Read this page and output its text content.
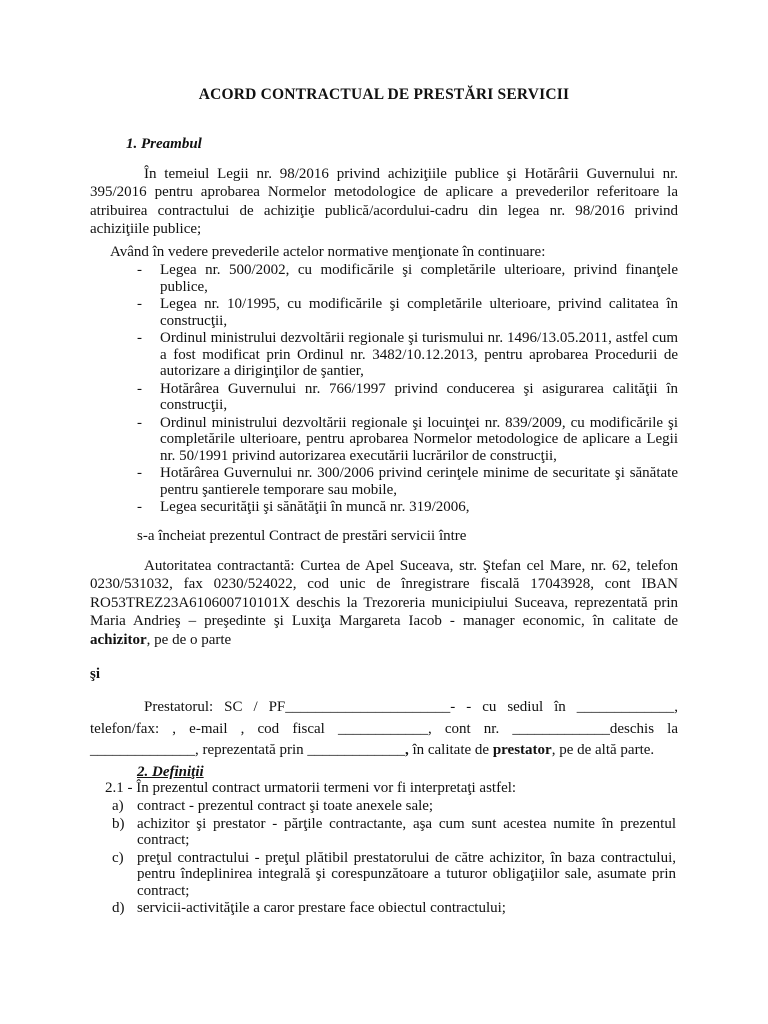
ACORD CONTRACTUAL DE PRESTĂRI SERVICII
1. Preambul
În temeiul Legii nr. 98/2016 privind achiziţiile publice şi Hotărârii Guvernului nr. 395/2016 pentru aprobarea Normelor metodologice de aplicare a prevederilor referitoare la atribuirea contractului de achiziţie publică/acordului-cadru din legea nr. 98/2016 privind achiziţiile publice;
Având în vedere prevederile actelor normative menţionate în continuare:
- Legea nr. 500/2002, cu modificările şi completările ulterioare, privind finanţele publice,
- Legea nr. 10/1995, cu modificările şi completările ulterioare, privind calitatea în construcţii,
- Ordinul ministrului dezvoltării regionale şi turismului nr. 1496/13.05.2011, astfel cum a fost modificat prin Ordinul nr. 3482/10.12.2013, pentru aprobarea Procedurii de autorizare a diriginţilor de şantier,
- Hotărârea Guvernului nr. 766/1997 privind conducerea şi asigurarea calităţii în construcţii,
- Ordinul ministrului dezvoltării regionale şi locuinţei nr. 839/2009, cu modificările şi completările ulterioare, pentru aprobarea Normelor metodologice de aplicare a Legii nr. 50/1991 privind autorizarea executării lucrărilor de construcţii,
- Hotărârea Guvernului nr. 300/2006 privind cerinţele minime de securitate şi sănătate pentru şantierele temporare sau mobile,
- Legea securităţii şi sănătăţii în muncă nr. 319/2006,
s-a încheiat prezentul Contract de prestări servicii între
Autoritatea contractantă: Curtea de Apel Suceava, str. Ştefan cel Mare, nr. 62, telefon 0230/531032, fax 0230/524022, cod unic de înregistrare fiscală 17043928, cont IBAN RO53TREZ23A61060071010​1X deschis la Trezoreria municipiului Suceava, reprezentată prin Maria Andrieş – preşedinte şi Luxiţa Margareta Iacob - manager economic, în calitate de achizitor, pe de o parte
şi
Prestatorul: SC / PF______________________- - cu sediul în _____________, telefon/fax: , e-mail , cod fiscal ____________, cont nr. _____________deschis la ______________, reprezentată prin _____________, în calitate de prestator, pe de altă parte.
2. Definiţii
2.1 - În prezentul contract urmatorii termeni vor fi interpretaţi astfel:
a) contract - prezentul contract şi toate anexele sale;
b) achizitor şi prestator - părţile contractante, aşa cum sunt acestea numite în prezentul contract;
c) preţul contractului - preţul plătibil prestatorului de către achizitor, în baza contractului, pentru îndeplinirea integrală şi corespunzătoare a tuturor obligaţiilor sale, asumate prin contract;
d) servicii-activităţile a caror prestare face obiectul contractului;
